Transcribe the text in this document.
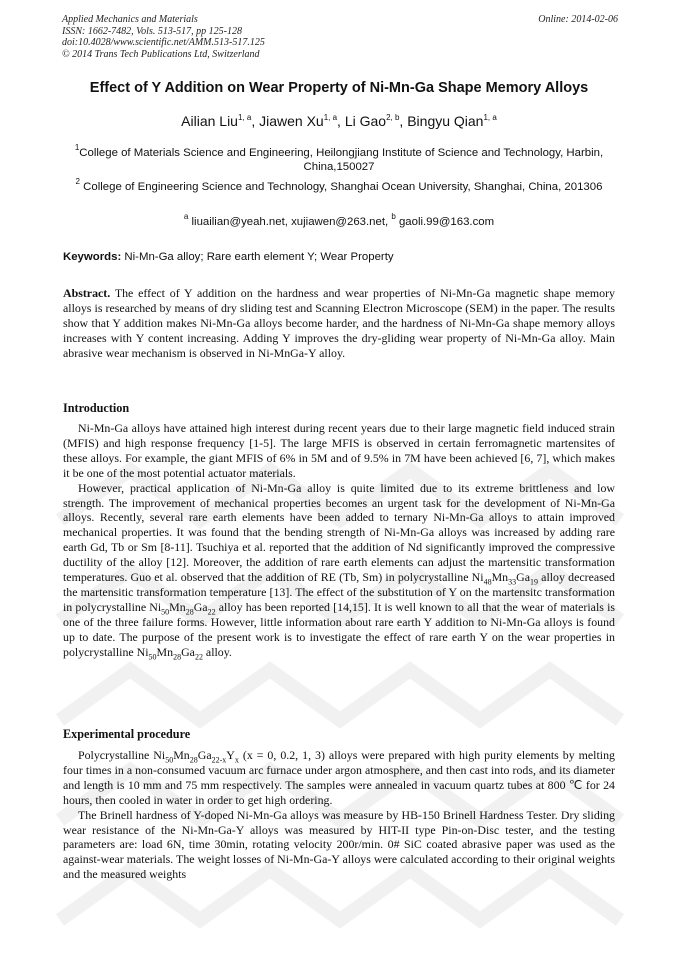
Applied Mechanics and Materials
ISSN: 1662-7482, Vols. 513-517, pp 125-128
doi:10.4028/www.scientific.net/AMM.513-517.125
© 2014 Trans Tech Publications Ltd, Switzerland
Online: 2014-02-06
Effect of Y Addition on Wear Property of Ni-Mn-Ga Shape Memory Alloys
Ailian Liu$^{1, a}$, Jiawen Xu$^{1, a}$, Li Gao$^{2, b}$, Bingyu Qian$^{1, a}$
$^1$College of Materials Science and Engineering, Heilongjiang Institute of Science and Technology, Harbin, China,150027
$^2$ College of Engineering Science and Technology, Shanghai Ocean University, Shanghai, China, 201306
$^a$ liuailian@yeah.net, xujiawen@263.net, $^b$ gaoli.99@163.com
Keywords: Ni-Mn-Ga alloy; Rare earth element Y; Wear Property

Abstract. The effect of Y addition on the hardness and wear properties of Ni-Mn-Ga magnetic shape memory alloys is researched by means of dry sliding test and Scanning Electron Microscope (SEM) in the paper. The results show that Y addition makes Ni-Mn-Ga alloys become harder, and the hardness of Ni-Mn-Ga shape memory alloys increases with Y content increasing. Adding Y improves the dry-gliding wear property of Ni-Mn-Ga alloy. Main abrasive wear mechanism is observed in Ni-MnGa-Y alloy.

Introduction

Ni-Mn-Ga alloys have attained high interest during recent years due to their large magnetic field induced strain (MFIS) and high response frequency [1-5]. The large MFIS is observed in certain ferromagnetic martensites of these alloys. For example, the giant MFIS of 6% in 5M and of 9.5% in 7M have been achieved [6, 7], which makes it be one of the most potential actuator materials.

However, practical application of Ni-Mn-Ga alloy is quite limited due to its extreme brittleness and low strength. The improvement of mechanical properties becomes an urgent task for the development of Ni-Mn-Ga alloys. Recently, several rare earth elements have been added to ternary Ni-Mn-Ga alloys to attain improved mechanical properties. It was found that the bending strength of Ni-Mn-Ga alloys was increased by adding rare earth Gd, Tb or Sm [8-11]. Tsuchiya et al. reported that the addition of Nd significantly improved the compressive ductility of the alloy [12]. Moreover, the addition of rare earth elements can adjust the martensitic transformation temperatures. Guo et al. observed that the addition of RE (Tb, Sm) in polycrystalline $Ni_{48}Mn_{33}Ga_{19}$ alloy decreased the martensitic transformation temperature [13]. The effect of the substitution of Y on the martensitc transformation in polycrystalline $Ni_{50}Mn_{28}Ga_{22}$ alloy has been reported [14,15]. It is well known to all that the wear of materials is one of the three failure forms. However, little information about rare earth Y addition to Ni-Mn-Ga alloys is found up to date. The purpose of the present work is to investigate the effect of rare earth Y on the wear properties in polycrystalline $Ni_{50}Mn_{28}Ga_{22}$ alloy.

Experimental procedure

Polycrystalline $Ni_{50}Mn_{28}Ga_{22-x}Y_x$ (x = 0, 0.2, 1, 3) alloys were prepared with high purity elements by melting four times in a non-consumed vacuum arc furnace under argon atmosphere, and then cast into rods, and its diameter and length is 10 mm and 75 mm respectively. The samples were annealed in vacuum quartz tubes at 800 ℃ for 24 hours, then cooled in water in order to get high ordering.

The Brinell hardness of Y-doped Ni-Mn-Ga alloys was measure by HB-150 Brinell Hardness Tester. Dry sliding wear resistance of the Ni-Mn-Ga-Y alloys was measured by HIT-II type Pin-on-Disc tester, and the testing parameters are: load 6N, time 30min, rotating velocity 200r/min. 0# SiC coated abrasive paper was used as the against-wear materials. The weight losses of Ni-Mn-Ga-Y alloys were calculated according to their original weights and the measured weights
